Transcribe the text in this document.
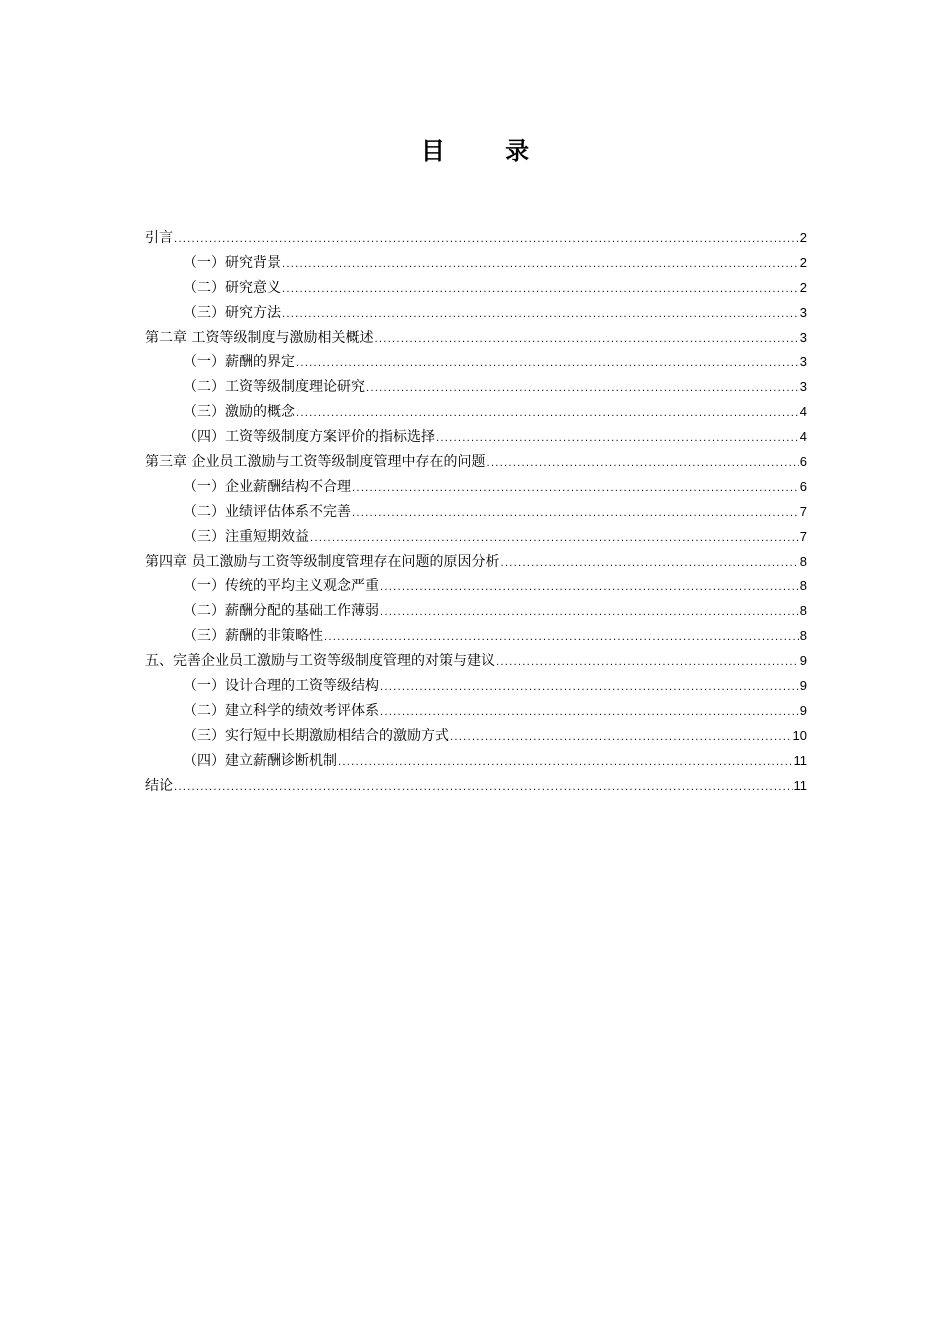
目 录
引言 .....	2
（一）研究背景 .....	2
（二）研究意义 .....	2
（三）研究方法 .....	3
第二章 工资等级制度与激励相关概述 .....	3
（一）薪酬的界定 .....	3
（二）工资等级制度理论研究 .....	3
（三）激励的概念 .....	4
（四）工资等级制度方案评价的指标选择 .....	4
第三章 企业员工激励与工资等级制度管理中存在的问题 .....	6
（一）企业薪酬结构不合理 .....	6
（二）业绩评估体系不完善 .....	7
（三）注重短期效益 .....	7
第四章 员工激励与工资等级制度管理存在问题的原因分析 .....	8
（一）传统的平均主义观念严重 .....	8
（二）薪酬分配的基础工作薄弱 .....	8
（三）薪酬的非策略性 .....	8
五、完善企业员工激励与工资等级制度管理的对策与建议 .....	9
（一）设计合理的工资等级结构 .....	9
（二）建立科学的绩效考评体系 .....	9
（三）实行短中长期激励相结合的激励方式 .....	10
（四）建立薪酬诊断机制 .....	11
结论 .....	11
